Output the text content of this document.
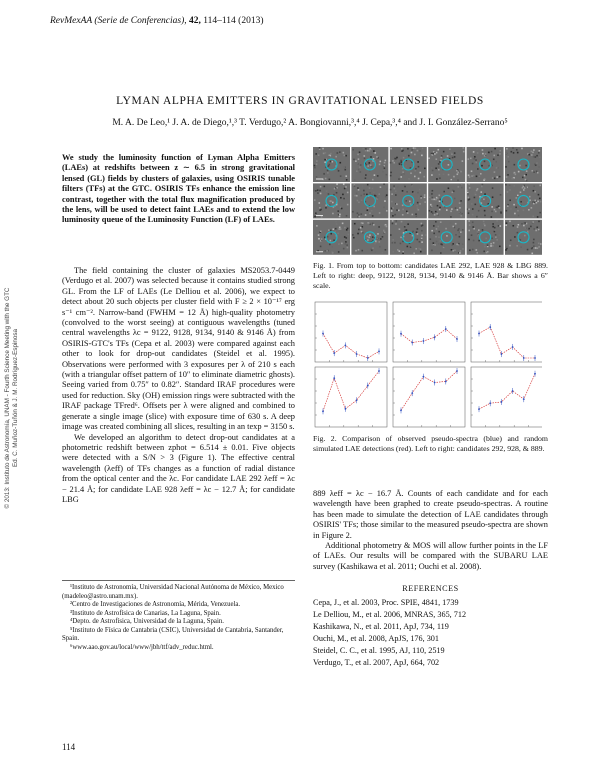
RevMexAA (Serie de Conferencias), 42, 114–114 (2013)
LYMAN ALPHA EMITTERS IN GRAVITATIONAL LENSED FIELDS
M. A. De Leo,¹ J. A. de Diego,¹,³ T. Verdugo,² A. Bongiovanni,³,⁴ J. Cepa,³,⁴ and J. I. González-Serrano⁵
© 2013: Instituto de Astronomía, UNAM - Fourth Science Meeting with the GTC Ed. C. Muñoz-Tuñón & J. M. Rodríguez-Espinosa
We study the luminosity function of Lyman Alpha Emitters (LAEs) at redshifts between z ∼ 6.5 in strong gravitational lensed (GL) fields by clusters of galaxies, using OSIRIS tunable filters (TFs) at the GTC. OSIRIS TFs enhance the emission line contrast, together with the total flux magnification produced by the lens, will be used to detect faint LAEs and to extend the low luminosity queue of the Luminosity Function (LF) of LAEs.

The field containing the cluster of galaxies MS2053.7-0449 (Verdugo et al. 2007) was selected because it contains studied strong GL. From the LF of LAEs (Le Delliou et al. 2006), we expect to detect about 20 such objects per cluster field with F ≥ 2 × 10⁻¹⁷ erg s⁻¹ cm⁻². Narrow-band (FWHM = 12 Å) high-quality photometry (convolved to the worst seeing) at contiguous wavelengths (tuned central wavelengths λc = 9122, 9128, 9134, 9140 & 9146 Å) from OSIRIS-GTC's TFs (Cepa et al. 2003) were compared against each other to look for drop-out candidates (Steidel et al. 1995). Observations were performed with 3 exposures per λ of 210 s each (with a triangular offset pattern of 10″ to eliminate diametric ghosts). Seeing varied from 0.75″ to 0.82″. Standard IRAF procedures were used for reduction. Sky (OH) emission rings were subtracted with the IRAF package TFred⁶. Offsets per λ were aligned and combined to generate a single image (slice) with exposure time of 630 s. A deep image was created combining all slices, resulting in an texp = 3150 s.

We developed an algorithm to detect drop-out candidates at a photometric redshift between zphot = 6.514 ± 0.01. Five objects were detected with a S/N > 3 (Figure 1). The effective central wavelength (λeff) of TFs changes as a function of radial distance from the optical center and the λc. For candidate LAE 292 λeff = λc − 21.4 Å; for candidate LAE 928 λeff = λc − 12.7 Å; for candidate LBG

¹Instituto de Astronomía, Universidad Nacional Autónoma de México, Mexico (madeleo@astro.unam.mx).
²Centro de Investigaciones de Astronomía, Mérida, Venezuela.
³Instituto de Astrofísica de Canarias, La Laguna, Spain.
⁴Depto. de Astrofísica, Universidad de la Laguna, Spain.
⁵Instituto de Física de Cantabria (CSIC), Universidad de Cantabria, Santander, Spain.
⁶www.aao.gov.au/local/www/jbh/ttf/adv_reduc.html.
114
Fig. 1. From top to bottom: candidates LAE 292, LAE 928 & LBG 889. Left to right: deep, 9122, 9128, 9134, 9140 & 9146 Å. Bar shows a 6″ scale.
Fig. 2. Comparison of observed pseudo-spectra (blue) and random simulated LAE detections (red). Left to right: candidates 292, 928, & 889.

889 λeff = λc − 16.7 Å. Counts of each candidate and for each wavelength have been graphed to create pseudo-spectras. A routine has been made to simulate the detection of LAE candidates through OSIRIS' TFs; those similar to the measured pseudo-spectra are shown in Figure 2.

Additional photometry & MOS will allow further points in the LF of LAEs. Our results will be compared with the SUBARU LAE survey (Kashikawa et al. 2011; Ouchi et al. 2008).

REFERENCES
Cepa, J., et al. 2003, Proc. SPIE, 4841, 1739
Le Delliou, M., et al. 2006, MNRAS, 365, 712
Kashikawa, N., et al. 2011, ApJ, 734, 119
Ouchi, M., et al. 2008, ApJS, 176, 301
Steidel, C. C., et al. 1995, AJ, 110, 2519
Verdugo, T., et al. 2007, ApJ, 664, 702
